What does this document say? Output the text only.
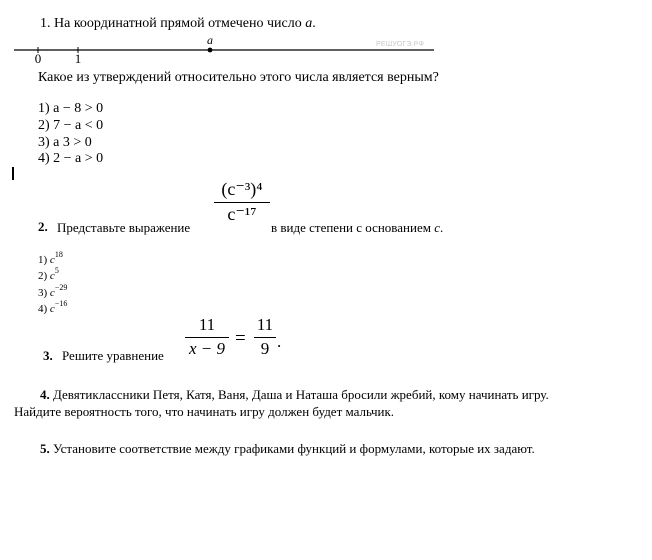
1. На координатной прямой отмечено число a.
0	1
a	РЕШУОГЭ.РФ
Какое из утверждений относительно этого числа является верным?
1) a − 8 > 0
2) 7 − a < 0
3) a 3 > 0
4) 2 − a > 0
2. Представьте выражение
(c⁻³)⁴
c⁻¹⁷
в виде степени с основанием c.
1) $c^{18}$
2) $c^5$
3) $c^{-29}$
4) $c^{-16}$
3. Решите уравнение
11
x − 9 =
11
9 .
4. Девятиклассники Петя, Катя, Ваня, Даша и Наташа бросили жребий, кому начинать игру.
Найдите вероятность того, что начинать игру должен будет мальчик.
5. Установите соответствие между графиками функций и формулами, которые их задают.
